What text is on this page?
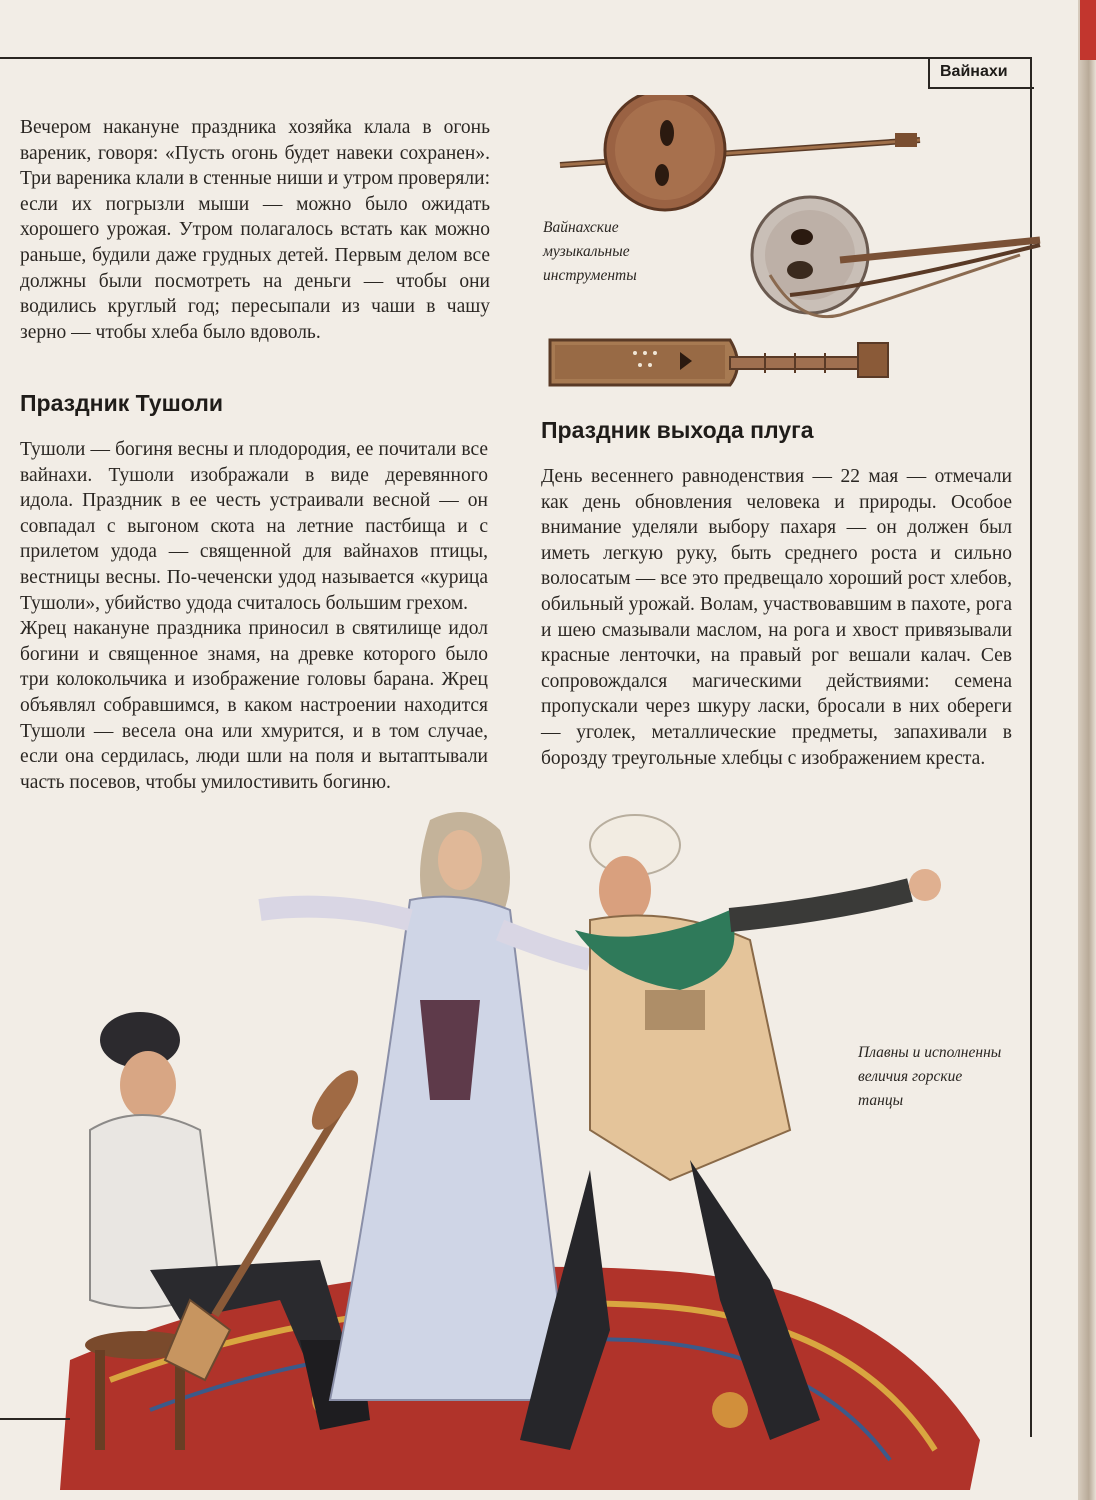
Вайнахи

Вечером накануне праздника хозяйка клала в огонь вареник, говоря: «Пусть огонь будет навеки сохранен». Три вареника клали в стенные ниши и утром проверяли: если их погрызли мыши — можно было ожидать хорошего урожая. Утром полагалось встать как можно раньше, будили даже грудных детей. Первым делом все должны были посмотреть на деньги — чтобы они водились круглый год; пересыпали из чаши в чашу зерно — чтобы хлеба было вдоволь.

Вайнахские музыкальные инструменты
Праздник Тушоли

Тушоли — богиня весны и плодородия, ее почитали все вайнахи. Тушоли изображали в виде деревянного идола. Праздник в ее честь устраивали весной — он совпадал с выгоном скота на летние пастбища и с прилетом удода — священной для вайнахов птицы, вестницы весны. По-чеченски удод называется «курица Тушоли», убийство удода считалось большим грехом.

Жрец накануне праздника приносил в святилище идол богини и священное знамя, на древке которого было три колокольчика и изображение головы барана. Жрец объявлял собравшимся, в каком настроении находится Тушоли — весела она или хмурится, и в том случае, если она сердилась, люди шли на поля и вытаптывали часть посевов, чтобы умилостивить богиню.

Праздник выхода плуга

День весеннего равноденствия — 22 мая — отмечали как день обновления человека и природы. Особое внимание уделяли выбору пахаря — он должен был иметь легкую руку, быть среднего роста и сильно волосатым — все это предвещало хороший рост хлебов, обильный урожай. Волам, участвовавшим в пахоте, рога и шею смазывали маслом, на рога и хвост привязывали красные ленточки, на правый рог вешали калач. Сев сопровождался магическими действиями: семена пропускали через шкуру ласки, бросали в них обереги — уголек, металлические предметы, запахивали в борозду треугольные хлебцы с изображением креста.

Плавны и исполненны величия горские танцы
